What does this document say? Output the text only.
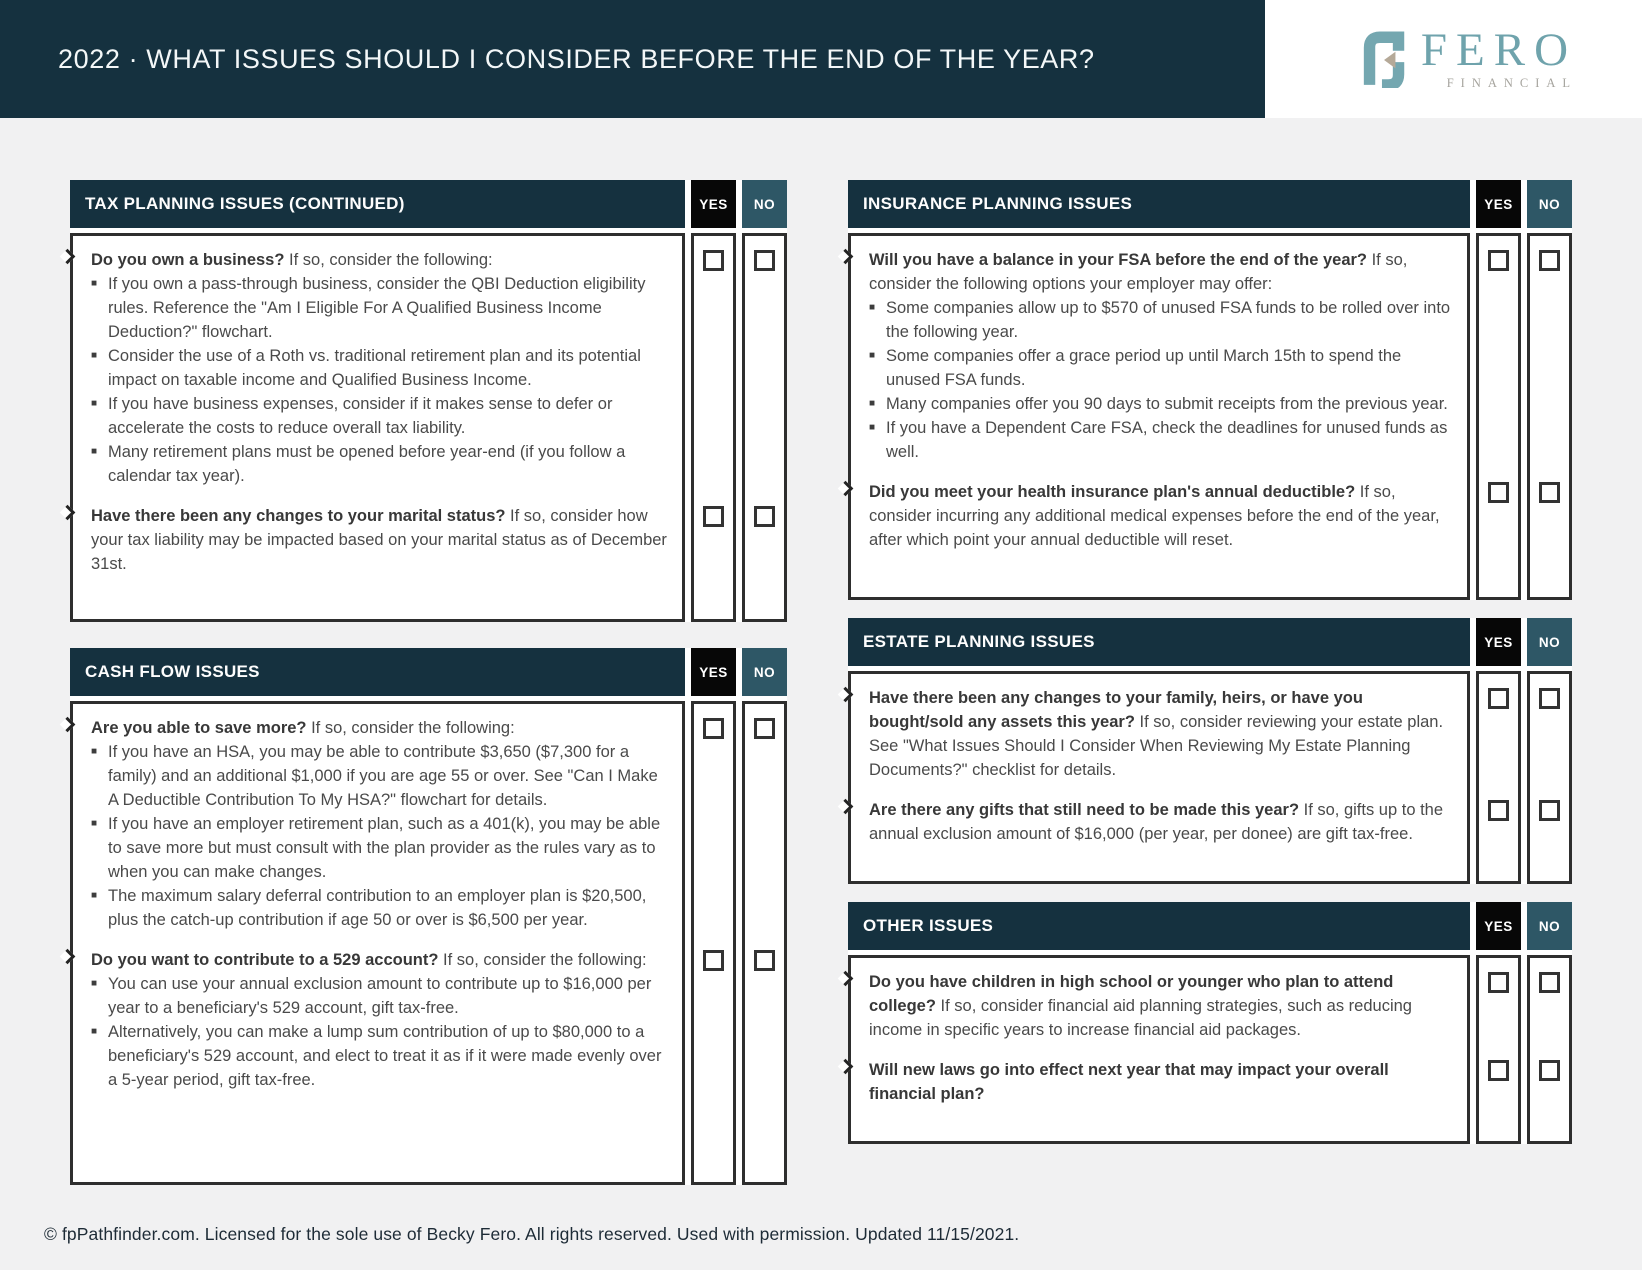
2022 · WHAT ISSUES SHOULD I CONSIDER BEFORE THE END OF THE YEAR?	FERO
FINANCIAL
TAX PLANNING ISSUES (CONTINUED)	YES	NO

Do you own a business? If so, consider the following:

■ If you own a pass-through business, consider the QBI Deduction eligibility rules. Reference the "Am I Eligible For A Qualified Business Income Deduction?" flowchart.
■ Consider the use of a Roth vs. traditional retirement plan and its potential impact on taxable income and Qualified Business Income.
■ If you have business expenses, consider if it makes sense to defer or accelerate the costs to reduce overall tax liability.
■ Many retirement plans must be opened before year-end (if you follow a calendar tax year).

Have there been any changes to your marital status? If so, consider how your tax liability may be impacted based on your marital status as of December 31st.

CASH FLOW ISSUES	YES	NO

Are you able to save more? If so, consider the following:

■ If you have an HSA, you may be able to contribute $3,650 ($7,300 for a family) and an additional $1,000 if you are age 55 or over. See "Can I Make A Deductible Contribution To My HSA?" flowchart for details.
■ If you have an employer retirement plan, such as a 401(k), you may be able to save more but must consult with the plan provider as the rules vary as to when you can make changes.
■ The maximum salary deferral contribution to an employer plan is $20,500, plus the catch-up contribution if age 50 or over is $6,500 per year.

Do you want to contribute to a 529 account? If so, consider the following:

■ You can use your annual exclusion amount to contribute up to $16,000 per year to a beneficiary's 529 account, gift tax-free.
■ Alternatively, you can make a lump sum contribution of up to $80,000 to a beneficiary's 529 account, and elect to treat it as if it were made evenly over a 5-year period, gift tax-free.
INSURANCE PLANNING ISSUES	YES	NO

Will you have a balance in your FSA before the end of the year? If so, consider the following options your employer may offer:

■ Some companies allow up to $570 of unused FSA funds to be rolled over into the following year.
■ Some companies offer a grace period up until March 15th to spend the unused FSA funds.
■ Many companies offer you 90 days to submit receipts from the previous year.
■ If you have a Dependent Care FSA, check the deadlines for unused funds as well.

Did you meet your health insurance plan's annual deductible? If so, consider incurring any additional medical expenses before the end of the year, after which point your annual deductible will reset.

ESTATE PLANNING ISSUES	YES	NO

Have there been any changes to your family, heirs, or have you bought/sold any assets this year? If so, consider reviewing your estate plan. See "What Issues Should I Consider When Reviewing My Estate Planning Documents?" checklist for details.

Are there any gifts that still need to be made this year? If so, gifts up to the annual exclusion amount of $16,000 (per year, per donee) are gift tax-free.

OTHER ISSUES	YES	NO

Do you have children in high school or younger who plan to attend college? If so, consider financial aid planning strategies, such as reducing income in specific years to increase financial aid packages.

Will new laws go into effect next year that may impact your overall financial plan?

© fpPathfinder.com. Licensed for the sole use of Becky Fero. All rights reserved. Used with permission. Updated 11/15/2021.
